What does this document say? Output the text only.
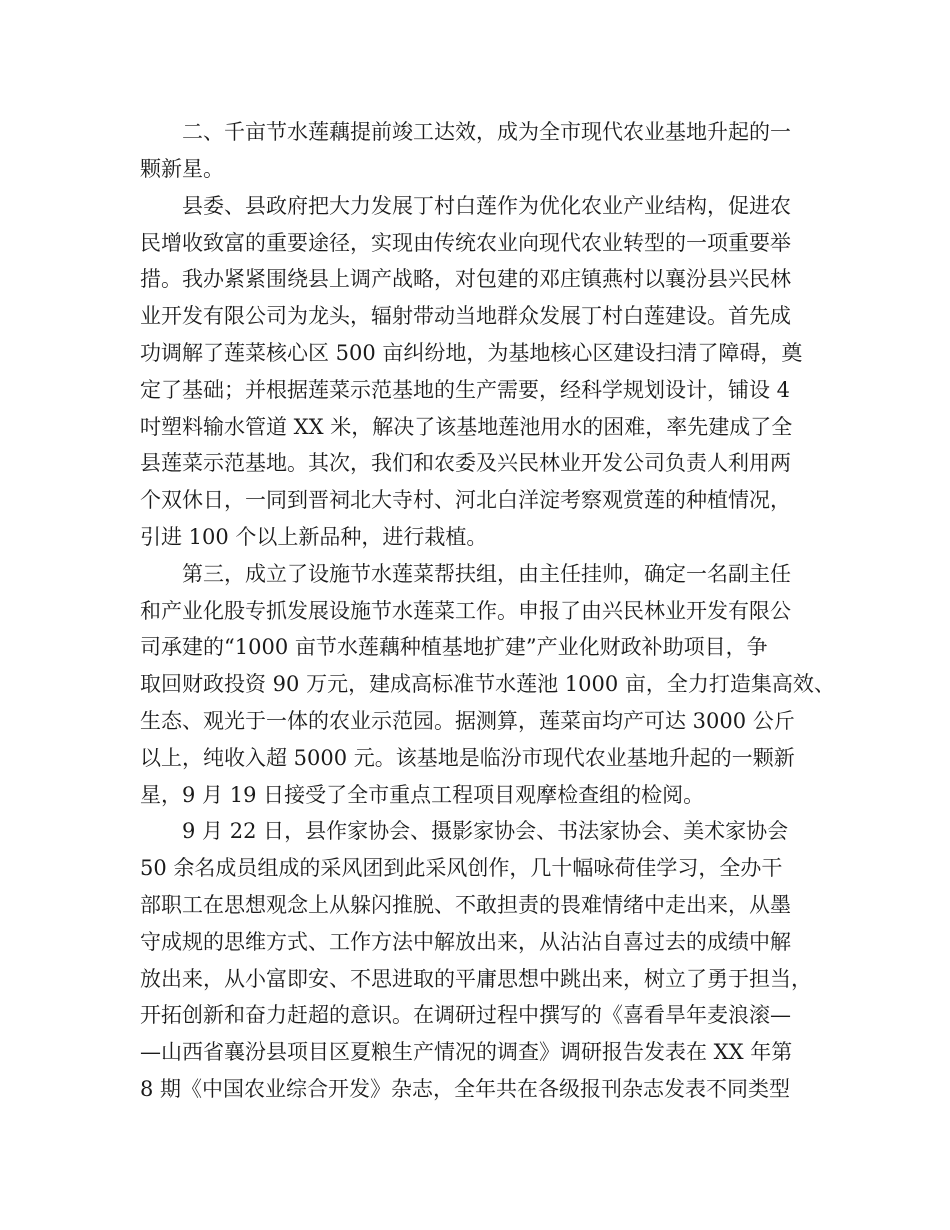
二、千亩节水莲藕提前竣工达效，成为全市现代农业基地升起的一
颗新星。
县委、县政府把大力发展丁村白莲作为优化农业产业结构，促进农
民增收致富的重要途径，实现由传统农业向现代农业转型的一项重要举
措。我办紧紧围绕县上调产战略，对包建的邓庄镇燕村以襄汾县兴民林
业开发有限公司为龙头，辐射带动当地群众发展丁村白莲建设。首先成
功调解了莲菜核心区 500 亩纠纷地，为基地核心区建设扫清了障碍，奠
定了基础；并根据莲菜示范基地的生产需要，经科学规划设计，铺设 4
吋塑料输水管道 XX 米，解决了该基地莲池用水的困难，率先建成了全
县莲菜示范基地。其次，我们和农委及兴民林业开发公司负责人利用两
个双休日，一同到晋祠北大寺村、河北白洋淀考察观赏莲的种植情况，
引进 100 个以上新品种，进行栽植。
第三，成立了设施节水莲菜帮扶组，由主任挂帅，确定一名副主任
和产业化股专抓发展设施节水莲菜工作。申报了由兴民林业开发有限公
司承建的“1000 亩节水莲藕种植基地扩建”产业化财政补助项目，争
取回财政投资 90 万元，建成高标准节水莲池 1000 亩，全力打造集高效、
生态、观光于一体的农业示范园。据测算，莲菜亩均产可达 3000 公斤
以上，纯收入超 5000 元。该基地是临汾市现代农业基地升起的一颗新
星，9 月 19 日接受了全市重点工程项目观摩检查组的检阅。
9 月 22 日，县作家协会、摄影家协会、书法家协会、美术家协会
50 余名成员组成的采风团到此采风创作，几十幅咏荷佳学习，全办干
部职工在思想观念上从躲闪推脱、不敢担责的畏难情绪中走出来，从墨
守成规的思维方式、工作方法中解放出来，从沾沾自喜过去的成绩中解
放出来，从小富即安、不思进取的平庸思想中跳出来，树立了勇于担当，
开拓创新和奋力赶超的意识。在调研过程中撰写的《喜看旱年麦浪滚—
—山西省襄汾县项目区夏粮生产情况的调查》调研报告发表在 XX 年第
8 期《中国农业综合开发》杂志，全年共在各级报刊杂志发表不同类型
